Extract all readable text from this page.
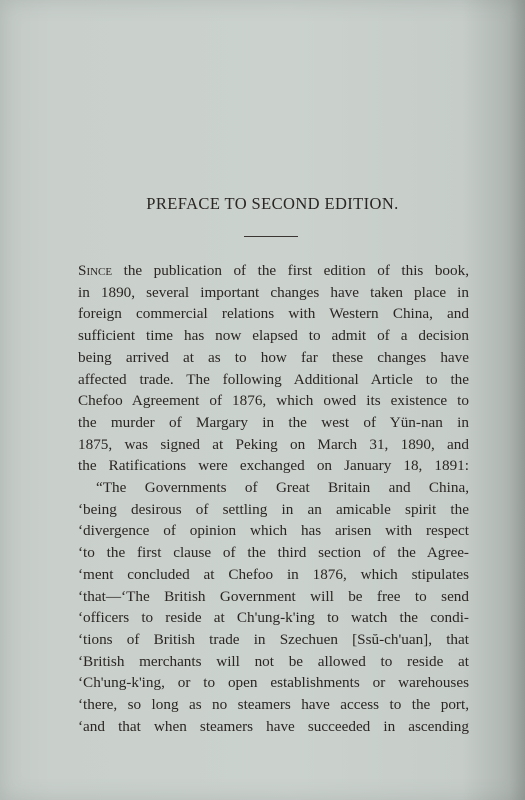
PREFACE TO SECOND EDITION.
Since the publication of the first edition of this book,
in 1890, several important changes have taken place in
foreign commercial relations with Western China, and
sufficient time has now elapsed to admit of a decision
being arrived at as to how far these changes have
affected trade. The following Additional Article to the
Chefoo Agreement of 1876, which owed its existence to
the murder of Margary in the west of Yün-nan in
1875, was signed at Peking on March 31, 1890, and
the Ratifications were exchanged on January 18, 1891:
“The Governments of Great Britain and China,
‘being desirous of settling in an amicable spirit the
‘divergence of opinion which has arisen with respect
‘to the first clause of the third section of the Agree-
‘ment concluded at Chefoo in 1876, which stipulates
‘that—‘The British Government will be free to send
‘officers to reside at Ch'ung-k'ing to watch the condi-
‘tions of British trade in Szechuen [Ssŭ-ch'uan], that
‘British merchants will not be allowed to reside at
‘Ch'ung-k'ing, or to open establishments or warehouses
‘there, so long as no steamers have access to the port,
‘and that when steamers have succeeded in ascending
